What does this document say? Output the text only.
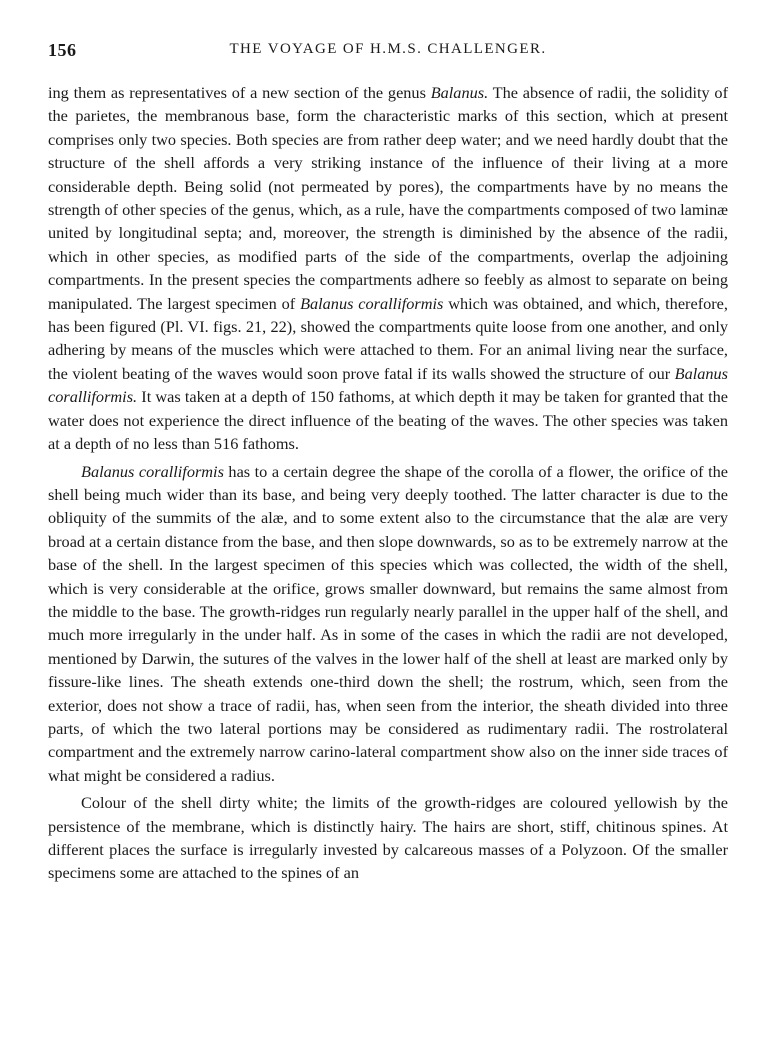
156	THE VOYAGE OF H.M.S. CHALLENGER.

ing them as representatives of a new section of the genus Balanus. The absence of radii, the solidity of the parietes, the membranous base, form the characteristic marks of this section, which at present comprises only two species. Both species are from rather deep water; and we need hardly doubt that the structure of the shell affords a very striking instance of the influence of their living at a more considerable depth. Being solid (not permeated by pores), the compartments have by no means the strength of other species of the genus, which, as a rule, have the compartments composed of two laminæ united by longitudinal septa; and, moreover, the strength is diminished by the absence of the radii, which in other species, as modified parts of the side of the compartments, overlap the adjoining compartments. In the present species the compartments adhere so feebly as almost to separate on being manipulated. The largest specimen of Balanus coralliformis which was obtained, and which, therefore, has been figured (Pl. VI. figs. 21, 22), showed the compartments quite loose from one another, and only adhering by means of the muscles which were attached to them. For an animal living near the surface, the violent beating of the waves would soon prove fatal if its walls showed the structure of our Balanus coralliformis. It was taken at a depth of 150 fathoms, at which depth it may be taken for granted that the water does not experience the direct influence of the beating of the waves. The other species was taken at a depth of no less than 516 fathoms.

Balanus coralliformis has to a certain degree the shape of the corolla of a flower, the orifice of the shell being much wider than its base, and being very deeply toothed. The latter character is due to the obliquity of the summits of the alæ, and to some extent also to the circumstance that the alæ are very broad at a certain distance from the base, and then slope downwards, so as to be extremely narrow at the base of the shell. In the largest specimen of this species which was collected, the width of the shell, which is very considerable at the orifice, grows smaller downward, but remains the same almost from the middle to the base. The growth-ridges run regularly nearly parallel in the upper half of the shell, and much more irregularly in the under half. As in some of the cases in which the radii are not developed, mentioned by Darwin, the sutures of the valves in the lower half of the shell at least are marked only by fissure-like lines. The sheath extends one-third down the shell; the rostrum, which, seen from the exterior, does not show a trace of radii, has, when seen from the interior, the sheath divided into three parts, of which the two lateral portions may be considered as rudimentary radii. The rostrolateral compartment and the extremely narrow carino-lateral compartment show also on the inner side traces of what might be considered a radius.

Colour of the shell dirty white; the limits of the growth-ridges are coloured yellowish by the persistence of the membrane, which is distinctly hairy. The hairs are short, stiff, chitinous spines. At different places the surface is irregularly invested by calcareous masses of a Polyzoon. Of the smaller specimens some are attached to the spines of an
